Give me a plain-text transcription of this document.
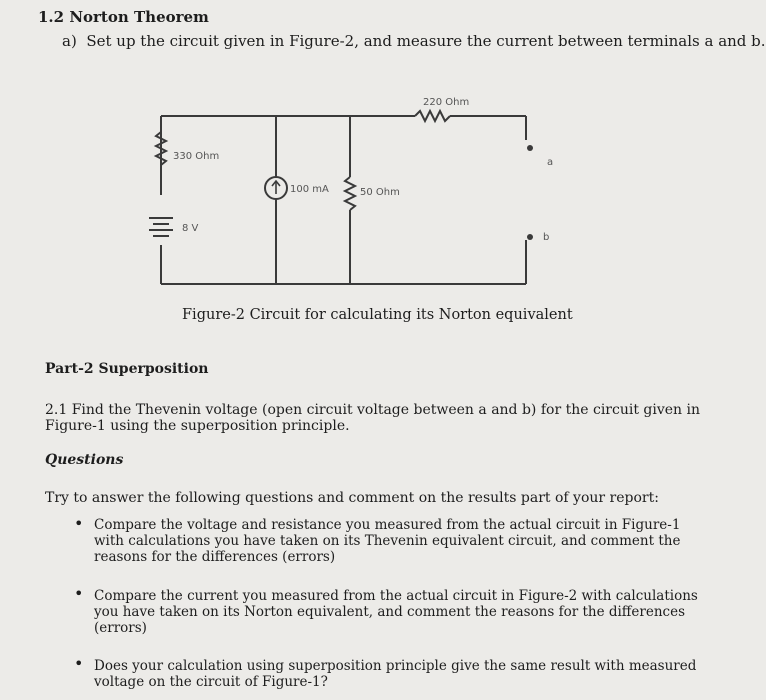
1.2 Norton Theorem
a)  Set up the circuit given in Figure-2, and measure the current between terminals a and b.
220 Ohm
330 Ohm
100 mA	50 Ohm
8 V
a
b
Figure-2 Circuit for calculating its Norton equivalent
Part-2 Superposition
2.1 Find the Thevenin voltage (open circuit voltage between a and b) for the circuit given in
Figure-1 using the superposition principle.
Questions
Try to answer the following questions and comment on the results part of your report:
• Compare the voltage and resistance you measured from the actual circuit in Figure-1
with calculations you have taken on its Thevenin equivalent circuit, and comment the
reasons for the differences (errors)
• Compare the current you measured from the actual circuit in Figure-2 with calculations
you have taken on its Norton equivalent, and comment the reasons for the differences
(errors)
• Does your calculation using superposition principle give the same result with measured
voltage on the circuit of Figure-1?
